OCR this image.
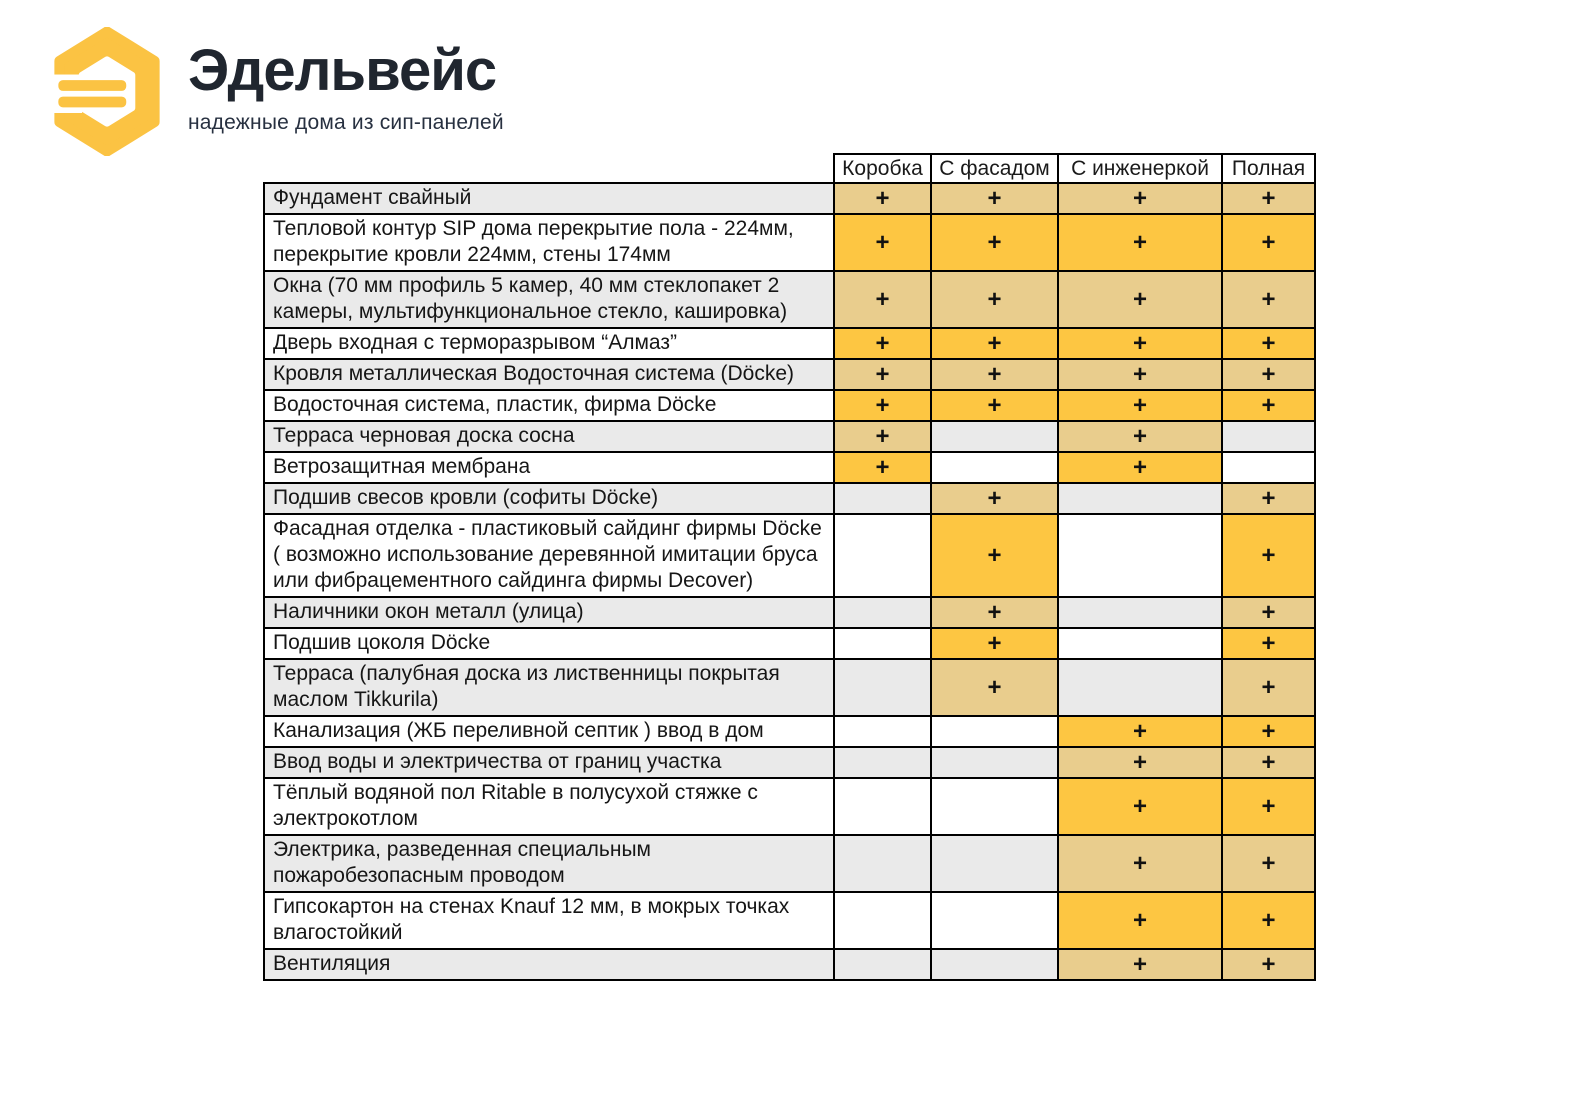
Эдельвейс
надежные дома из сип-панелей
	Коробка	С фасадом	С инженеркой	Полная
Фундамент свайный	+	+	+	+
Тепловой контур SIP дома перекрытие пола - 224мм, перекрытие кровли 224мм, стены 174мм	+	+	+	+
Окна (70 мм профиль 5 камер, 40 мм стеклопакет 2 камеры, мультифункциональное стекло, кашировка)	+	+	+	+
Дверь входная с терморазрывом “Алмаз”	+	+	+	+
Кровля металлическая Водосточная система (Döcke)	+	+	+	+
Водосточная система, пластик, фирма Döcke	+	+	+	+
Терраса черновая доска сосна	+		+	
Ветрозащитная мембрана	+		+	
Подшив свесов кровли (софиты Döcke)		+		+
Фасадная отделка - пластиковый сайдинг фирмы Döcke ( возможно использование деревянной имитации бруса или фибрацементного сайдинга фирмы Decover)		+		+
Наличники окон металл (улица)		+		+
Подшив цоколя Döcke		+		+
Терраса (палубная доска из лиственницы покрытая маслом Tikkurila)		+		+
Канализация (ЖБ переливной септик ) ввод в дом			+	+
Ввод воды и электричества от границ участка			+	+
Тёплый водяной пол Ritable в полусухой стяжке с электрокотлом			+	+
Электрика, разведенная специальным пожаробезопасным проводом			+	+
Гипсокартон на стенах Knauf 12 мм, в мокрых точках влагостойкий			+	+
Вентиляция			+	+
